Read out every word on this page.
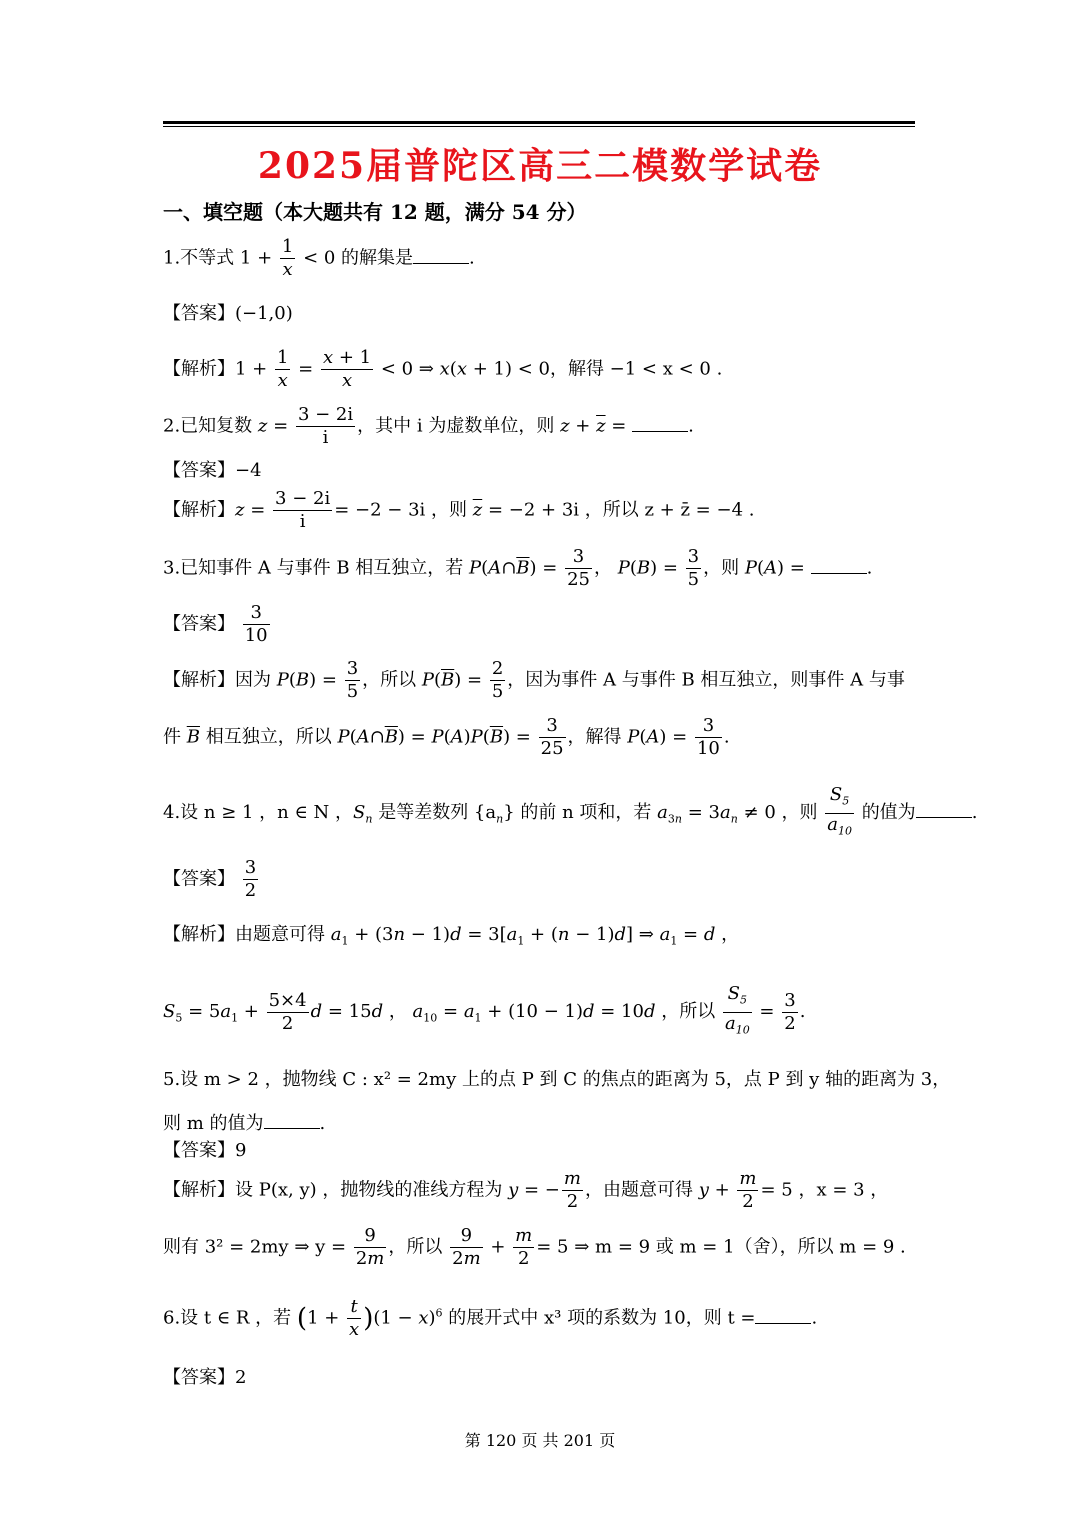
2025届普陀区高三二模数学试卷
一、填空题（本大题共有 12 题，满分 54 分）
1.不等式 $1 + \frac{1}{x} < 0$ 的解集是	.
【答案】(−1,0)
【解析】$1 + \frac{1}{x} = \frac{x + 1}{x} < 0$ ⇒ x(x + 1) < 0，解得 −1 < x < 0 .
2.已知复数 $z = \frac{3 - 2i}{i}$ ，其中 i 为虚数单位，则 $z + \overline{z}$ =	.
【答案】−4
【解析】$z = \frac{3 - 2i}{i} = -2 - 3i$ ，则 $\overline{z} = -2 + 3i$ ，所以 z + z̄ = −4 .
3.已知事件 A 与事件 B 相互独立，若 $P(A\cap\overline{B}) = \frac{3}{25}$ ， $P(B) = \frac{3}{5}$ ，则 P(A) =	.
【答案】 $\frac{3}{10}$
【解析】因为 $P(B) = \frac{3}{5}$ ，所以 $P(\overline{B}) = \frac{2}{5}$ ，因为事件 A 与事件 B 相互独立，则事件 A 与事
件 $\overline{B}$ 相互独立，所以 $P(A\cap\overline{B}) = P(A)P(\overline{B}) = \frac{3}{25}$ ，解得 $P(A) = \frac{3}{10}$ .
4.设 n ≥ 1 ，n ∈ N ，$S_n$ 是等差数列 $\{a_n\}$ 的前 n 项和，若 $a_{3n} = 3a_n \ne 0$ ，则 $\frac{S_5}{a_{10}}$ 的值为	.
【答案】 $\frac{3}{2}$
【解析】由题意可得 $a_1 + (3n - 1)d = 3[a_1 + (n - 1)d]$ ⇒ $a_1 = d$ ，
$S_5 = 5a_1 + \frac{5\times 4}{2}$ d = 15d ， $a_{10} = a_1 + (10 - 1)d = 10d$ ，所以 $\frac{S_5}{a_{10}} = \frac{3}{2}$ .
5.设 m > 2 ，抛物线 C : x² = 2my 上的点 P 到 C 的焦点的距离为 5，点 P 到 y 轴的距离为 3，
则 m 的值为	.
【答案】9
【解析】设 P(x, y) ，抛物线的准线方程为 y = − $\frac{m}{2}$ ，由题意可得 $y + \frac{m}{2} = 5$ ，x = 3 ，
则有 3² = 2my ⇒ $y = \frac{9}{2m}$ ，所以 $\frac{9}{2m} + \frac{m}{2} = 5$ ⇒ m = 9 或 m = 1（舍），所以 m = 9 .
6.设 t ∈ R ，若 $(1 + \frac{t}{x} )(1 - x)^6$ 的展开式中 x³ 项的系数为 10，则 t =	.
【答案】2
第 120 页 共 201 页
